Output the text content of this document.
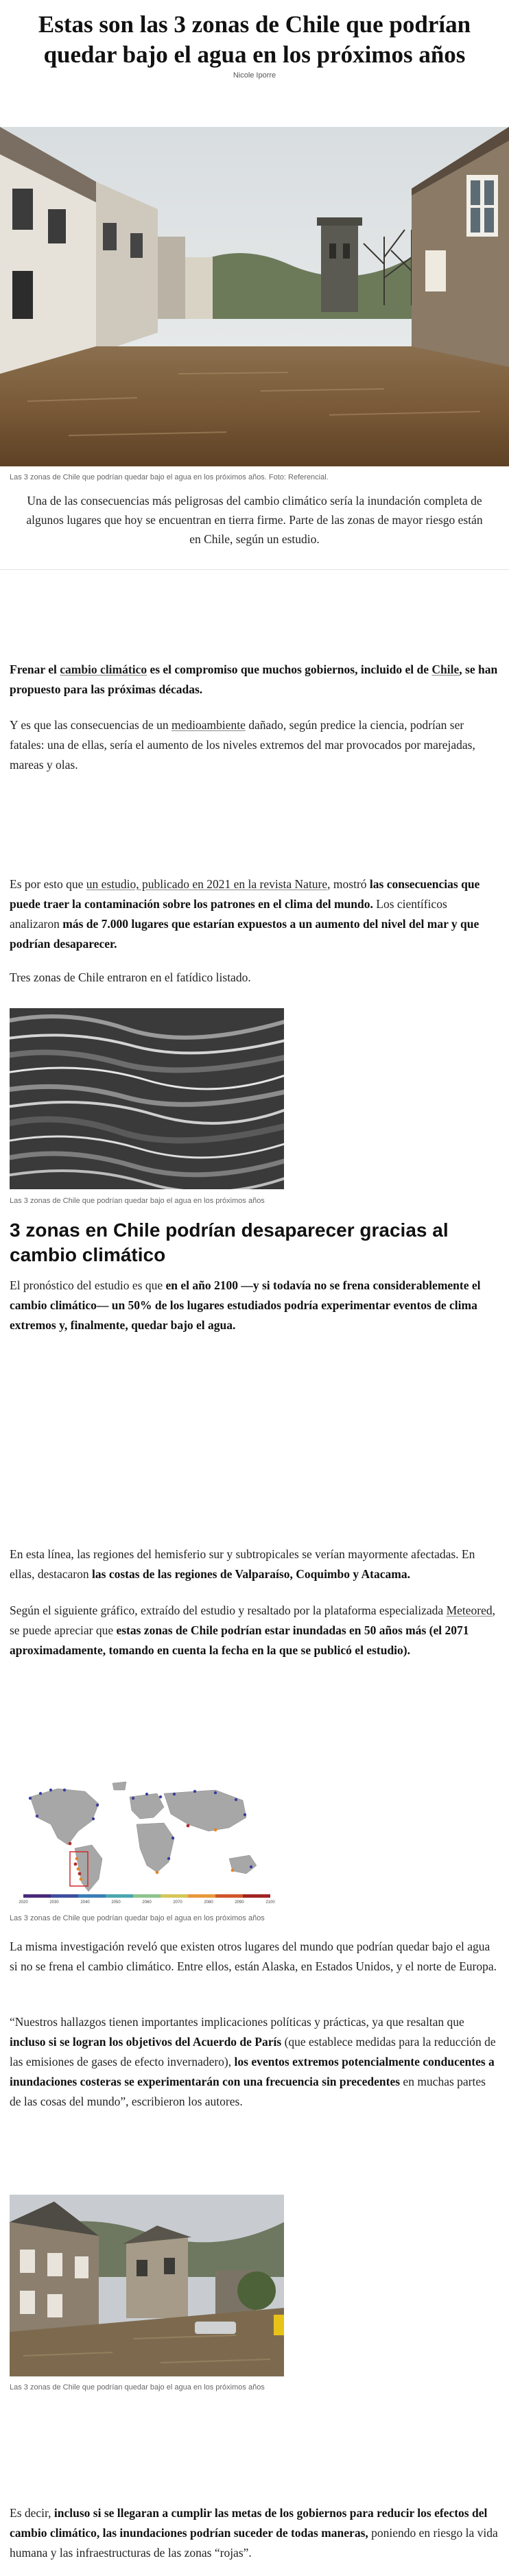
Estas son las 3 zonas de Chile que podrían quedar bajo el agua en los próximos años
Nicole Iporre
Las 3 zonas de Chile que podrían quedar bajo el agua en los próximos años. Foto: Referencial.
Una de las consecuencias más peligrosas del cambio climático sería la inundación completa de algunos lugares que hoy se encuentran en tierra firme. Parte de las zonas de mayor riesgo están en Chile, según un estudio.
Frenar el cambio climático es el compromiso que muchos gobiernos, incluido el de Chile, se han propuesto para las próximas décadas.
Y es que las consecuencias de un medioambiente dañado, según predice la ciencia, podrían ser fatales: una de ellas, sería el aumento de los niveles extremos del mar provocados por marejadas, mareas y olas.
Es por esto que un estudio, publicado en 2021 en la revista Nature, mostró las consecuencias que puede traer la contaminación sobre los patrones en el clima del mundo. Los científicos analizaron más de 7.000 lugares que estarían expuestos a un aumento del nivel del mar y que podrían desaparecer.
Tres zonas de Chile entraron en el fatídico listado.
Las 3 zonas de Chile que podrían quedar bajo el agua en los próximos años
3 zonas en Chile podrían desaparecer gracias al cambio climático
El pronóstico del estudio es que en el año 2100 —y si todavía no se frena considerablemente el cambio climático— un 50% de los lugares estudiados podría experimentar eventos de clima extremos y, finalmente, quedar bajo el agua.
En esta línea, las regiones del hemisferio sur y subtropicales se verían mayormente afectadas. En ellas, destacaron las costas de las regiones de Valparaíso, Coquimbo y Atacama.
Según el siguiente gráfico, extraído del estudio y resaltado por la plataforma especializada Meteored, se puede apreciar que estas zonas de Chile podrían estar inundadas en 50 años más (el 2071 aproximadamente, tomando en cuenta la fecha en la que se publicó el estudio).
2020	2030	2040	2050	2060	2070	2080	2090	2100
Las 3 zonas de Chile que podrían quedar bajo el agua en los próximos años
La misma investigación reveló que existen otros lugares del mundo que podrían quedar bajo el agua si no se frena el cambio climático. Entre ellos, están Alaska, en Estados Unidos, y el norte de Europa.
“Nuestros hallazgos tienen importantes implicaciones políticas y prácticas, ya que resaltan que incluso si se logran los objetivos del Acuerdo de París (que establece medidas para la reducción de las emisiones de gases de efecto invernadero), los eventos extremos potencialmente conducentes a inundaciones costeras se experimentarán con una frecuencia sin precedentes en muchas partes de las cosas del mundo”, escribieron los autores.
Las 3 zonas de Chile que podrían quedar bajo el agua en los próximos años
Es decir, incluso si se llegaran a cumplir las metas de los gobiernos para reducir los efectos del cambio climático, las inundaciones podrían suceder de todas maneras, poniendo en riesgo la vida humana y las infraestructuras de las zonas “rojas”.
